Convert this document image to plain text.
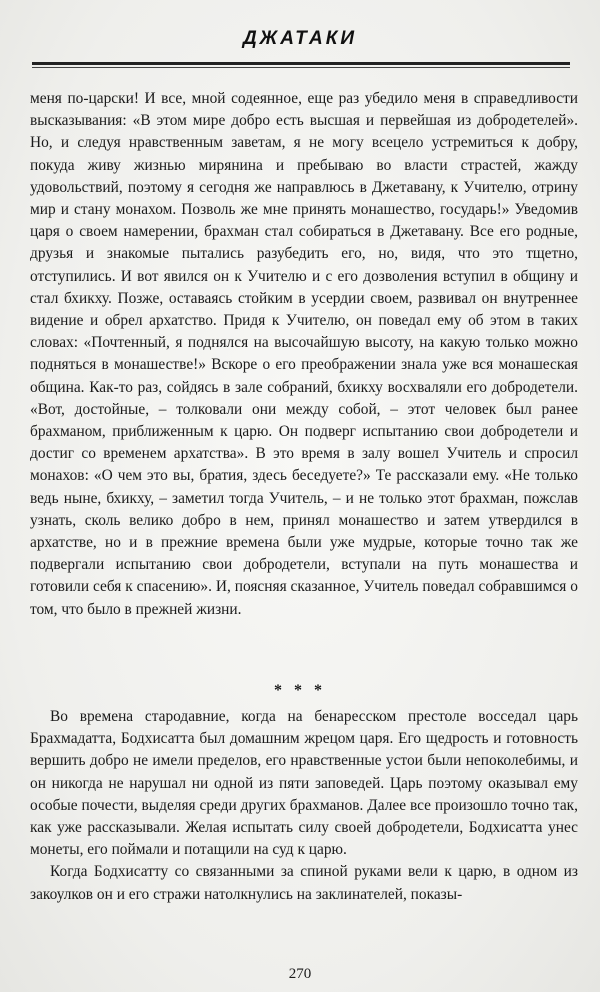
ДЖАТАКИ

меня по-царски! И все, мной содеянное, еще раз убедило меня в справедливости высказывания: «В этом мире добро есть высшая и первейшая из добродетелей». Но, и следуя нравственным заветам, я не могу всецело устремиться к добру, покуда живу жизнью мирянина и пребываю во власти страстей, жажду удовольствий, поэтому я сегодня же направлюсь в Джетавану, к Учителю, отрину мир и стану монахом. Позволь же мне принять монашество, государь!» Уведомив царя о своем намерении, брахман стал собираться в Джетавану. Все его родные, друзья и знакомые пытались разубедить его, но, видя, что это тщетно, отступились. И вот явился он к Учителю и с его дозволения вступил в общину и стал бхикху. Позже, оставаясь стойким в усердии своем, развивал он внутреннее видение и обрел архатство. Придя к Учителю, он поведал ему об этом в таких словах: «Почтенный, я поднялся на высочайшую высоту, на какую только можно подняться в монашестве!» Вскоре о его преображении знала уже вся монашеская община. Как-то раз, сойдясь в зале собраний, бхикху восхваляли его добродетели. «Вот, достойные, – толковали они между собой, – этот человек был ранее брахманом, приближенным к царю. Он подверг испытанию свои добродетели и достиг со временем архатства». В это время в залу вошел Учитель и спросил монахов: «О чем это вы, братия, здесь беседуете?» Те рассказали ему. «Не только ведь ныне, бхикху, – заметил тогда Учитель, – и не только этот брахман, пожслав узнать, сколь велико добро в нем, принял монашество и затем утвердился в архатстве, но и в прежние времена были уже мудрые, которые точно так же подвергали испытанию свои добродетели, вступали на путь монашества и готовили себя к спасению». И, поясняя сказанное, Учитель поведал собравшимся о том, что было в прежней жизни.

* * *

Во времена стародавние, когда на бенаресском престоле восседал царь Брахмадатта, Бодхисатта был домашним жрецом царя. Его щедрость и готовность вершить добро не имели пределов, его нравственные устои были непоколебимы, и он никогда не нарушал ни одной из пяти заповедей. Царь поэтому оказывал ему особые почести, выделяя среди других брахманов. Далее все произошло точно так, как уже рассказывали. Желая испытать силу своей добродетели, Бодхисатта унес монеты, его поймали и потащили на суд к царю.

Когда Бодхисатту со связанными за спиной руками вели к царю, в одном из закоулков он и его стражи натолкнулись на заклинателей, показы-

270
